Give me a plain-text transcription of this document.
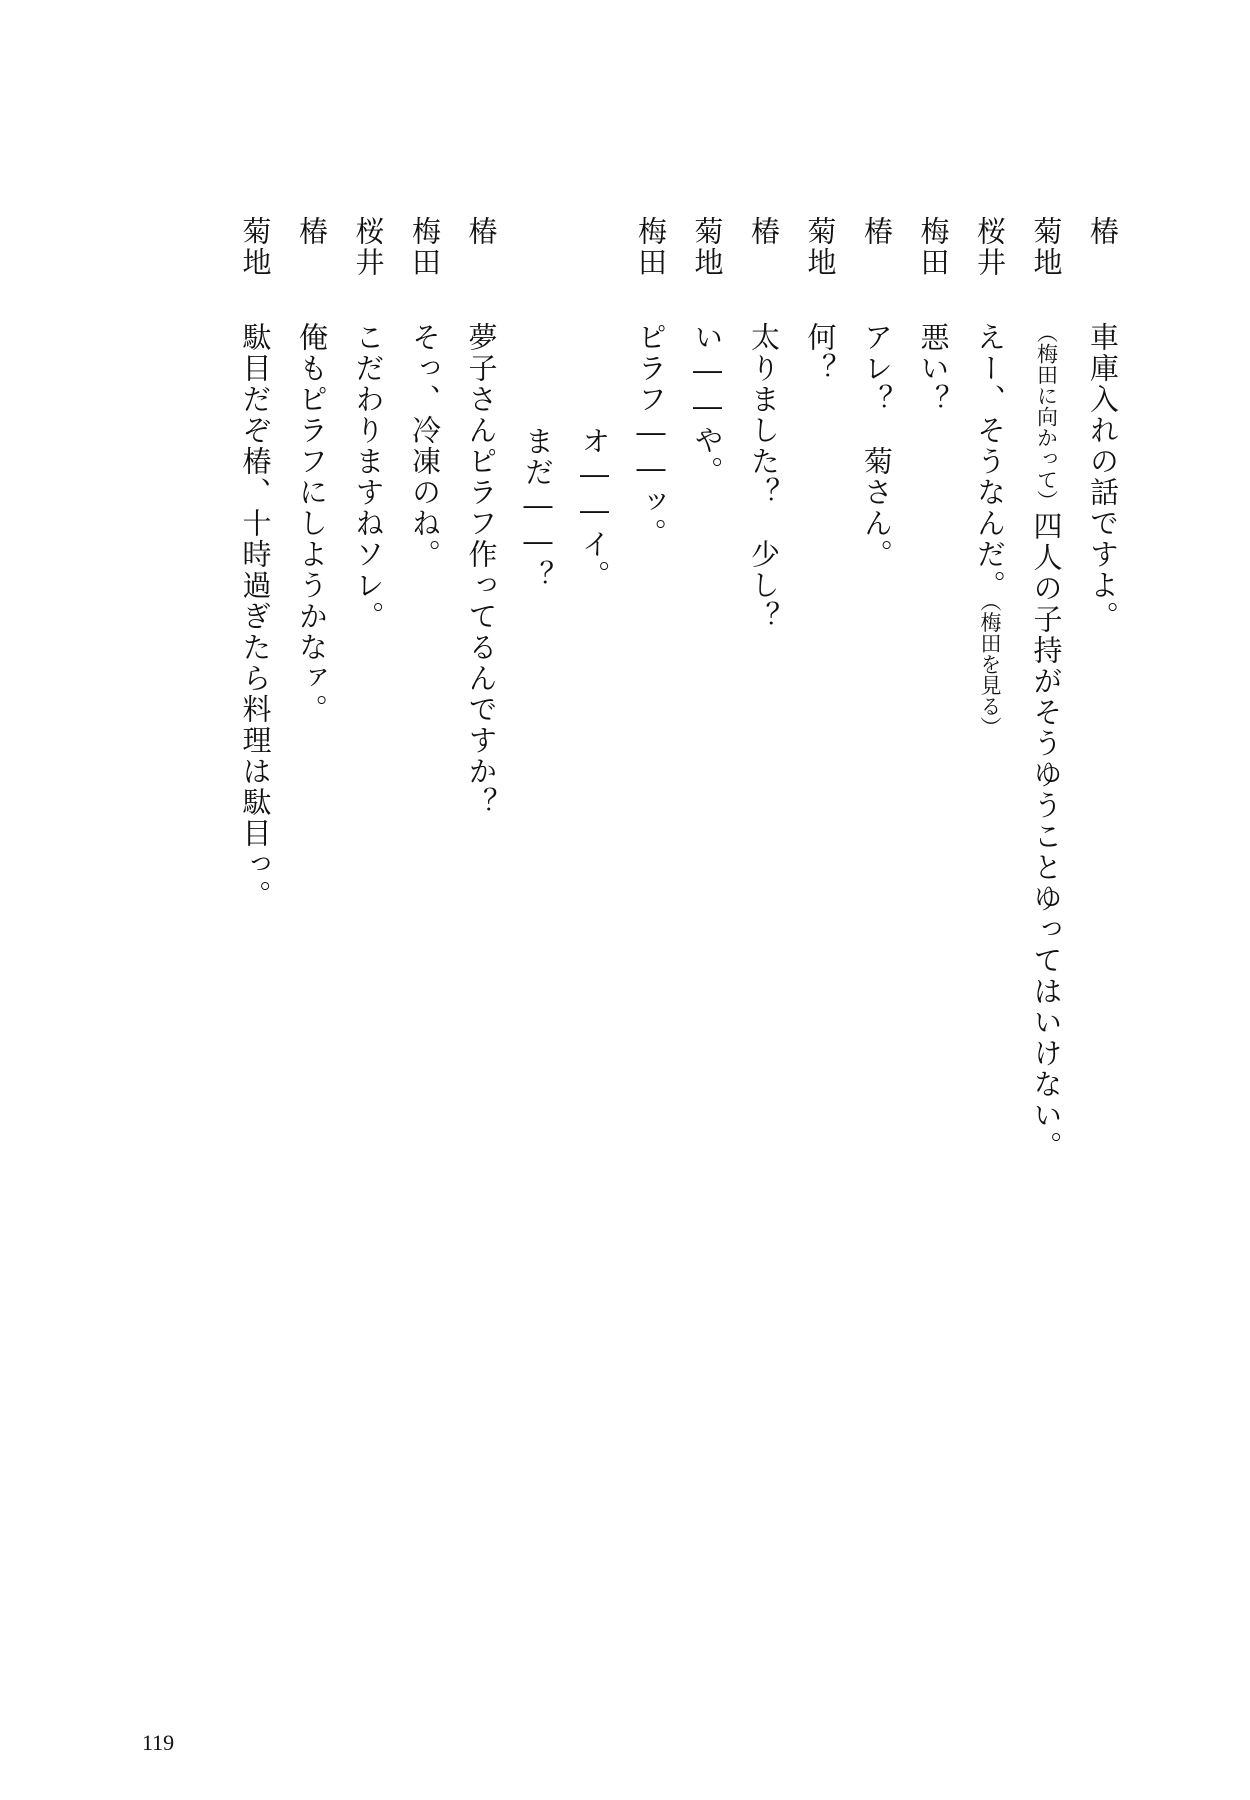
椿車庫入れの話ですよ。
菊地（梅田に向かって）四人の子持がそうゆうことゆってはいけない。
桜井えー、そうなんだ。（梅田を見る）
梅田悪い？
椿アレ？　菊さん。
菊地何？
椿太りました？　少し？
菊地い――や。
梅田ピラフ――ッ。
オ――イ。
まだ――？
椿夢子さんピラフ作ってるんですか？
梅田そっ、冷凍のね。
桜井こだわりますねソレ。
椿俺もピラフにしようかなァ。
菊地駄目だぞ椿、十時過ぎたら料理は駄目っ。
119
